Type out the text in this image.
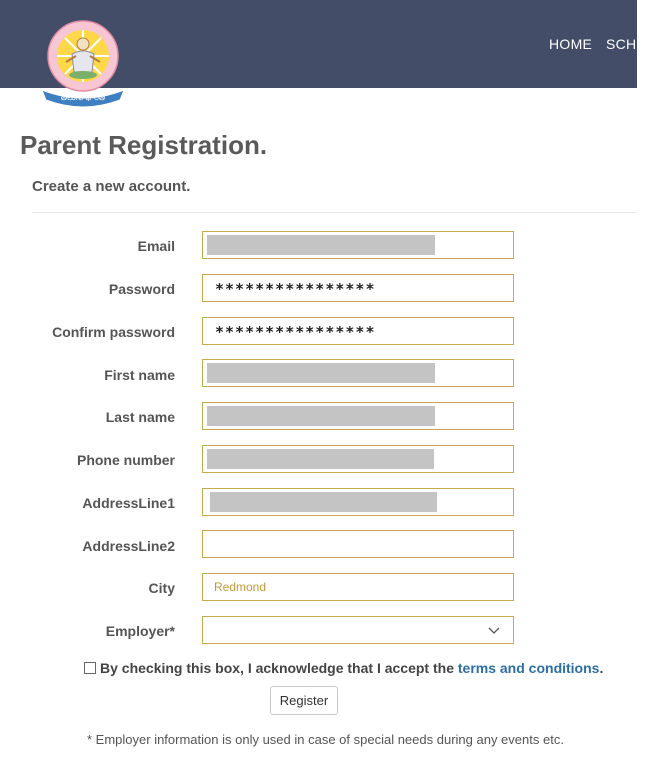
తెలుగు భారతి
HOME SCHO
Parent Registration.
Create a new account.
Email
Password	****************
Confirm password	****************
First name
Last name
Phone number
AddressLine1
AddressLine2
City	Redmond
Employer*
By checking this box, I acknowledge that I accept the terms and conditions.
Register
* Employer information is only used in case of special needs during any events etc.
